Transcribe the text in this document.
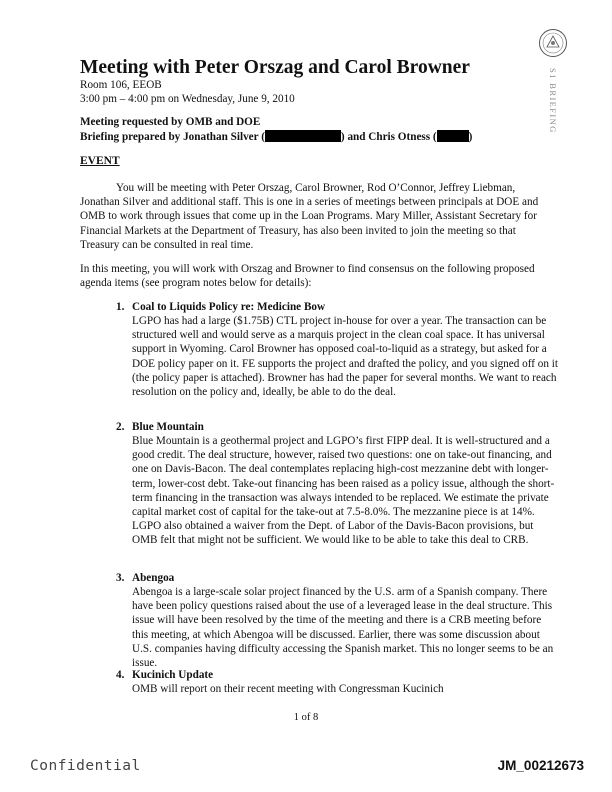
S1 BRIEFING
Meeting with Peter Orszag and Carol Browner
Room 106, EEOB
3:00 pm – 4:00 pm on Wednesday, June 9, 2010
Meeting requested by OMB and DOE
Briefing prepared by Jonathan Silver (	) and Chris Otness (	)
EVENT
You will be meeting with Peter Orszag, Carol Browner, Rod O’Connor, Jeffrey Liebman, Jonathan Silver and additional staff. This is one in a series of meetings between principals at DOE and OMB to work through issues that come up in the Loan Programs. Mary Miller, Assistant Secretary for Financial Markets at the Department of Treasury, has also been invited to join the meeting so that Treasury can be consulted in real time.
In this meeting, you will work with Orszag and Browner to find consensus on the following proposed agenda items (see program notes below for details):
1. Coal to Liquids Policy re: Medicine Bow
LGPO has had a large ($1.75B) CTL project in-house for over a year. The transaction can be structured well and would serve as a marquis project in the clean coal space. It has universal support in Wyoming. Carol Browner has opposed coal-to-liquid as a strategy, but asked for a DOE policy paper on it. FE supports the project and drafted the policy, and you signed off on it (the policy paper is attached). Browner has had the paper for several months. We want to reach resolution on the policy and, ideally, be able to do the deal.
2. Blue Mountain
Blue Mountain is a geothermal project and LGPO’s first FIPP deal. It is well-structured and a good credit. The deal structure, however, raised two questions: one on take-out financing, and one on Davis-Bacon. The deal contemplates replacing high-cost mezzanine debt with longer-term, lower-cost debt. Take-out financing has been raised as a policy issue, although the short-term financing in the transaction was always intended to be replaced. We estimate the private capital market cost of capital for the take-out at 7.5-8.0%. The mezzanine piece is at 14%. LGPO also obtained a waiver from the Dept. of Labor of the Davis-Bacon provisions, but OMB felt that might not be sufficient. We would like to be able to take this deal to CRB.
3. Abengoa
Abengoa is a large-scale solar project financed by the U.S. arm of a Spanish company. There have been policy questions raised about the use of a leveraged lease in the deal structure. This issue will have been resolved by the time of the meeting and there is a CRB meeting before this meeting, at which Abengoa will be discussed. Earlier, there was some discussion about U.S. companies having difficulty accessing the Spanish market. This no longer seems to be an issue.
4. Kucinich Update
OMB will report on their recent meeting with Congressman Kucinich
1 of 8
Confidential	JM_00212673
